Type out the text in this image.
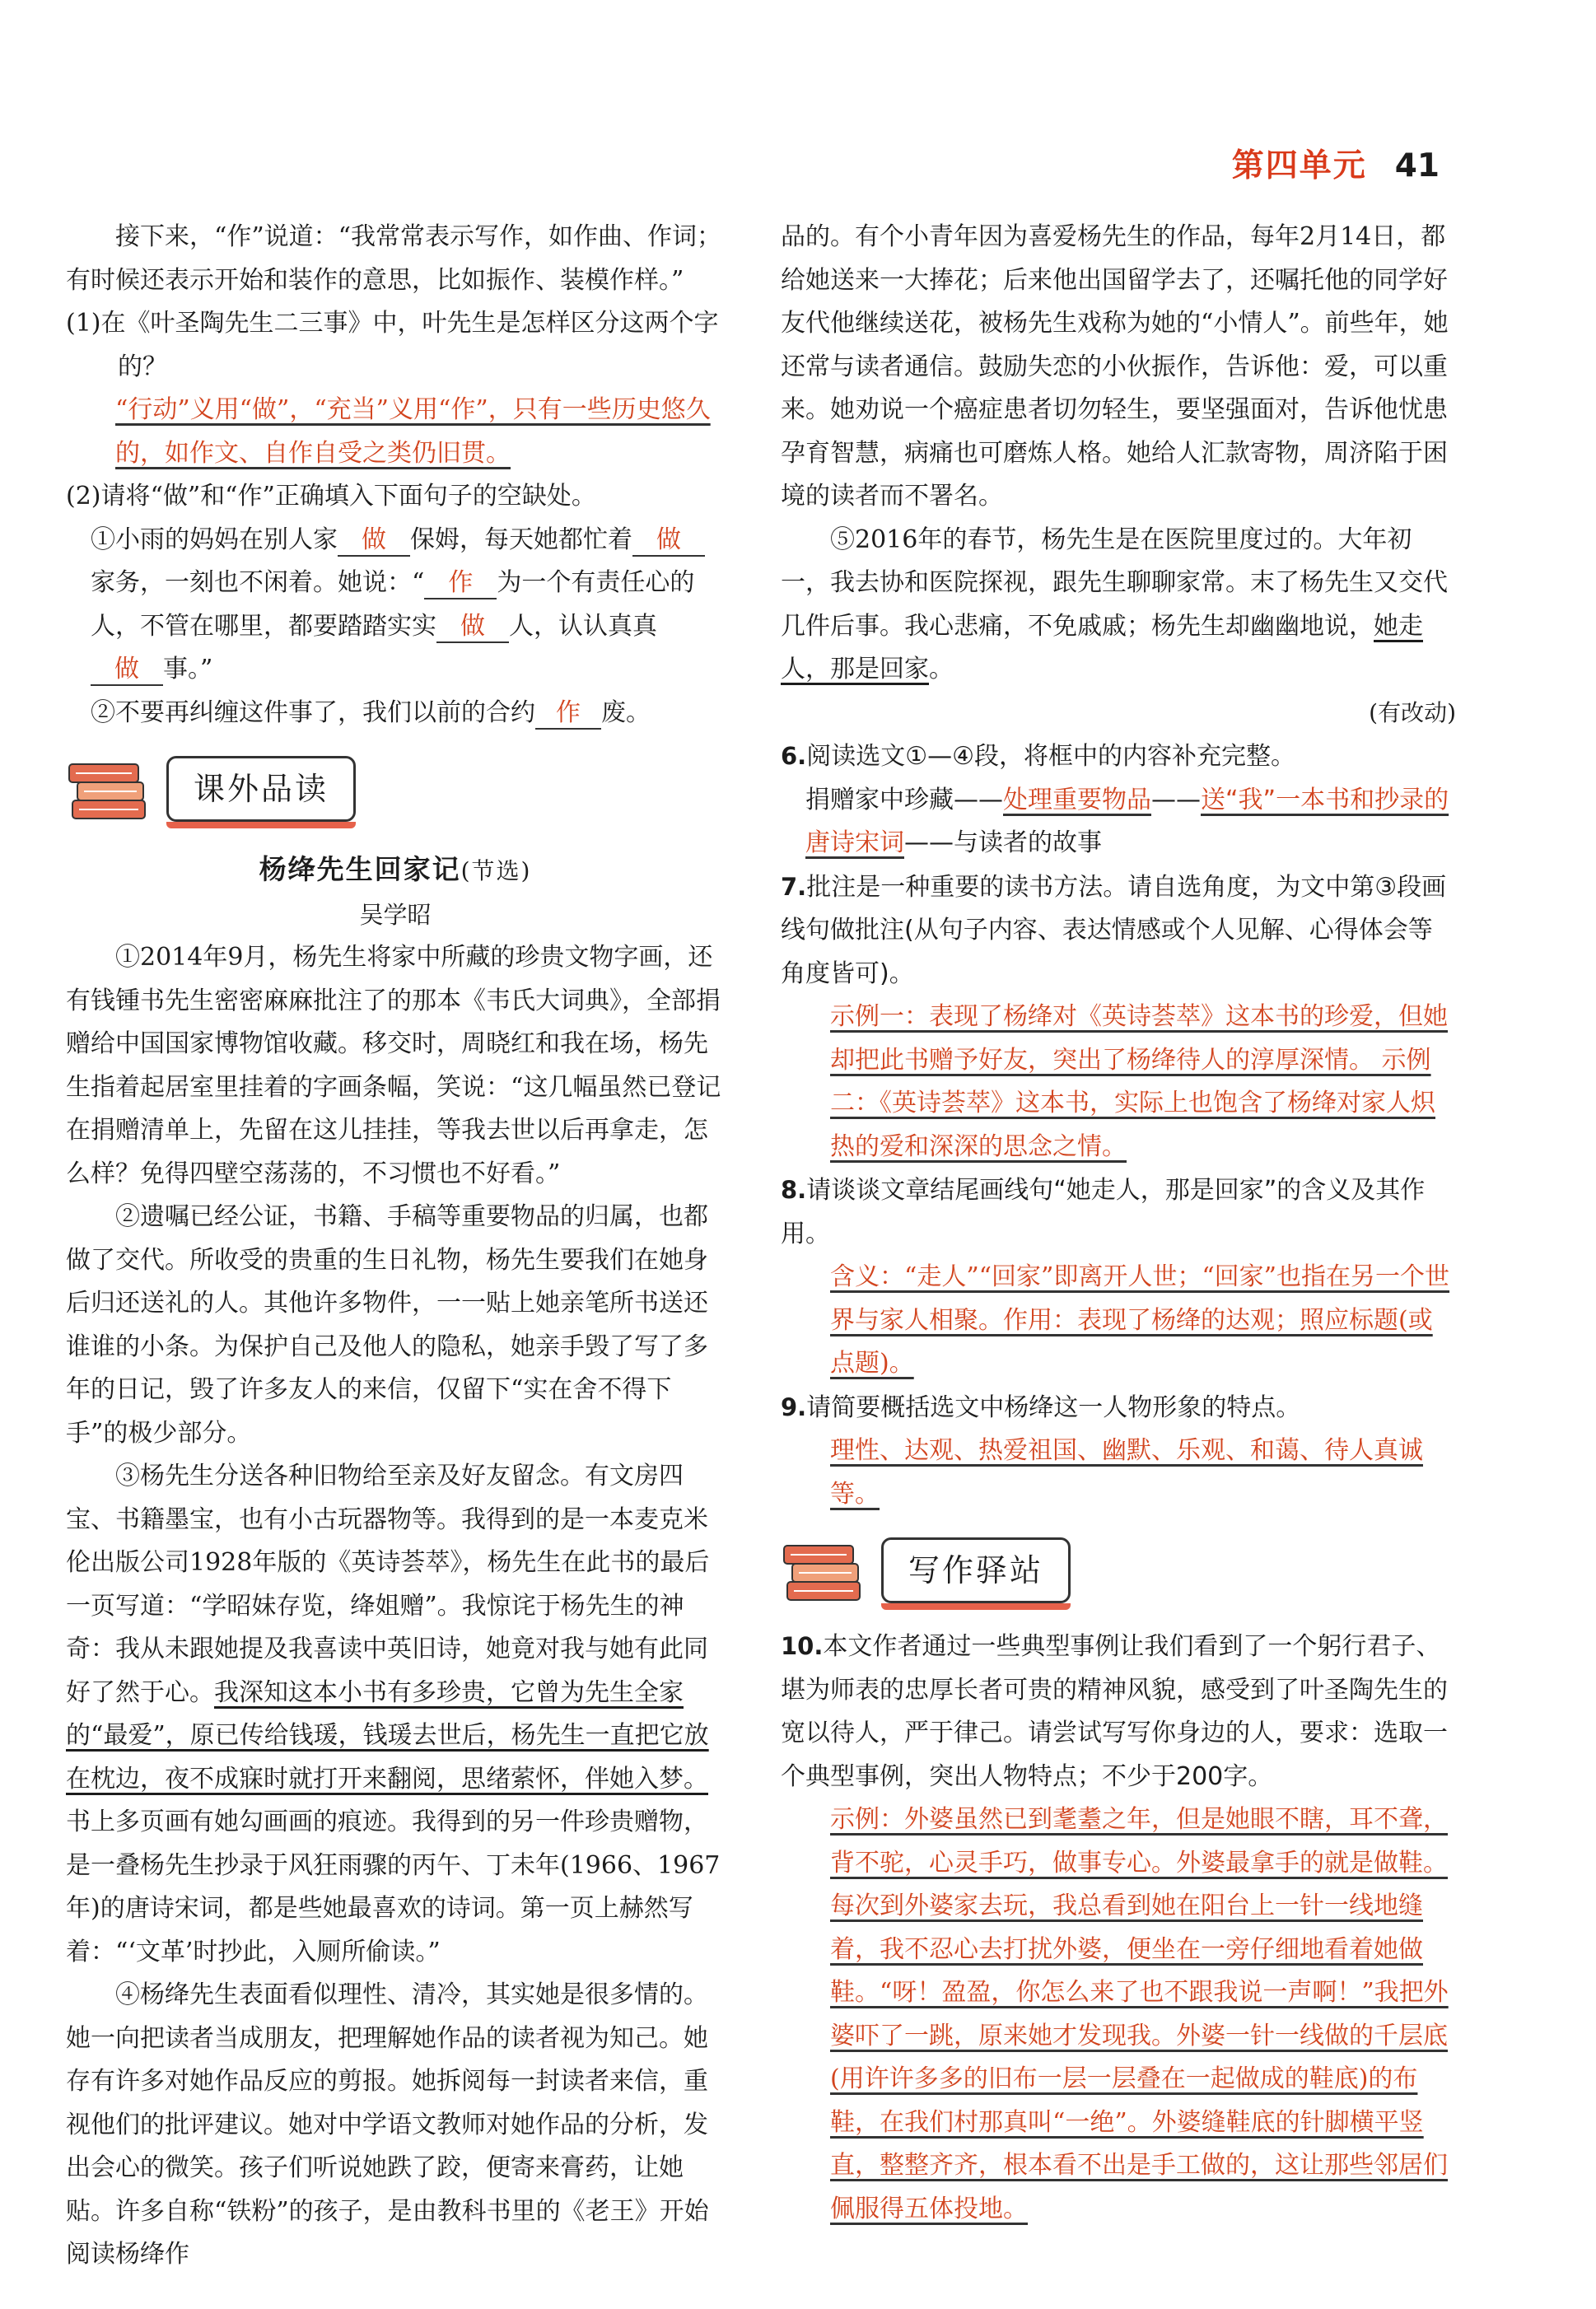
第四单元 41

接下来，“作”说道：“我常常表示写作，如作曲、作词；有时候还表示开始和装作的意思，比如振作、装模作样。”

(1)在《叶圣陶先生二三事》中，叶先生是怎样区分这两个字的？

“行动”义用“做”，“充当”义用“作”，只有一些历史悠久的，如作文、自作自受之类仍旧贯。

(2)请将“做”和“作”正确填入下面句子的空缺处。

①小雨的妈妈在别人家 做 保姆，每天她都忙着 做家务，一刻也不闲着。她说：“ 作 为一个有责任心的人，不管在哪里，都要踏踏实实 做 人，认认真真做 事。”

②不要再纠缠这件事了，我们以前的合约 作 废。

课外品读

杨绛先生回家记(节选)

吴学昭

①2014年9月，杨先生将家中所藏的珍贵文物字画，还有钱锺书先生密密麻麻批注了的那本《韦氏大词典》，全部捐赠给中国国家博物馆收藏。移交时，周晓红和我在场，杨先生指着起居室里挂着的字画条幅，笑说：“这几幅虽然已登记在捐赠清单上，先留在这儿挂挂，等我去世以后再拿走，怎么样？免得四壁空荡荡的，不习惯也不好看。”

②遗嘱已经公证，书籍、手稿等重要物品的归属，也都做了交代。所收受的贵重的生日礼物，杨先生要我们在她身后归还送礼的人。其他许多物件，一一贴上她亲笔所书送还谁谁的小条。为保护自己及他人的隐私，她亲手毁了写了多年的日记，毁了许多友人的来信，仅留下“实在舍不得下手”的极少部分。

③杨先生分送各种旧物给至亲及好友留念。有文房四宝、书籍墨宝，也有小古玩器物等。我得到的是一本麦克米伦出版公司1928年版的《英诗荟萃》，杨先生在此书的最后一页写道：“学昭妹存览，绛姐赠”。我惊诧于杨先生的神奇：我从未跟她提及我喜读中英旧诗，她竟对我与她有此同好了然于心。我深知这本小书有多珍贵，它曾为先生全家的“最爱”，原已传给钱瑗，钱瑗去世后，杨先生一直把它放在枕边，夜不成寐时就打开来翻阅，思绪萦怀，伴她入梦。书上多页画有她勾画画的痕迹。我得到的另一件珍贵赠物，是一叠杨先生抄录于风狂雨骤的丙午、丁未年(1966、1967年)的唐诗宋词，都是些她最喜欢的诗词。第一页上赫然写着：“‘文革’时抄此，入厕所偷读。”

④杨绛先生表面看似理性、清冷，其实她是很多情的。她一向把读者当成朋友，把理解她作品的读者视为知己。她存有许多对她作品反应的剪报。她拆阅每一封读者来信，重视他们的批评建议。她对中学语文教师对她作品的分析，发出会心的微笑。孩子们听说她跌了跤，便寄来膏药，让她贴。许多自称“铁粉”的孩子，是由教科书里的《老王》开始阅读杨绛作

品的。有个小青年因为喜爱杨先生的作品，每年2月14日，都给她送来一大捧花；后来他出国留学去了，还嘱托他的同学好友代他继续送花，被杨先生戏称为她的“小情人”。前些年，她还常与读者通信。鼓励失恋的小伙振作，告诉他：爱，可以重来。她劝说一个癌症患者切勿轻生，要坚强面对，告诉他忧患孕育智慧，病痛也可磨炼人格。她给人汇款寄物，周济陷于困境的读者而不署名。

⑤2016年的春节，杨先生是在医院里度过的。大年初一，我去协和医院探视，跟先生聊聊家常。末了杨先生又交代几件后事。我心悲痛，不免戚戚；杨先生却幽幽地说，她走人，那是回家。

(有改动)

6.阅读选文①—④段，将框中的内容补充完整。

捐赠家中珍藏——处理重要物品——送“我”一本书和抄录的唐诗宋词——与读者的故事

7.批注是一种重要的读书方法。请自选角度，为文中第③段画线句做批注(从句子内容、表达情感或个人见解、心得体会等角度皆可)。

示例一：表现了杨绛对《英诗荟萃》这本书的珍爱，但她却把此书赠予好友，突出了杨绛待人的淳厚深情。 示例二：《英诗荟萃》这本书，实际上也饱含了杨绛对家人炽热的爱和深深的思念之情。

8.请谈谈文章结尾画线句“她走人，那是回家”的含义及其作用。

含义：“走人”“回家”即离开人世；“回家”也指在另一个世界与家人相聚。作用：表现了杨绛的达观；照应标题(或点题)。

9.请简要概括选文中杨绛这一人物形象的特点。

理性、达观、热爱祖国、幽默、乐观、和蔼、待人真诚等。

写作驿站

10.本文作者通过一些典型事例让我们看到了一个躬行君子、堪为师表的忠厚长者可贵的精神风貌，感受到了叶圣陶先生的宽以待人，严于律己。请尝试写写你身边的人，要求：选取一个典型事例，突出人物特点；不少于200字。

示例：外婆虽然已到耄耋之年，但是她眼不瞎，耳不聋，背不驼，心灵手巧，做事专心。外婆最拿手的就是做鞋。每次到外婆家去玩，我总看到她在阳台上一针一线地缝着，我不忍心去打扰外婆，便坐在一旁仔细地看着她做鞋。“呀！盈盈，你怎么来了也不跟我说一声啊！”我把外婆吓了一跳，原来她才发现我。外婆一针一线做的千层底(用许许多多的旧布一层一层叠在一起做成的鞋底)的布鞋，在我们村那真叫“一绝”。外婆缝鞋底的针脚横平竖直，整整齐齐，根本看不出是手工做的，这让那些邻居们佩服得五体投地。
